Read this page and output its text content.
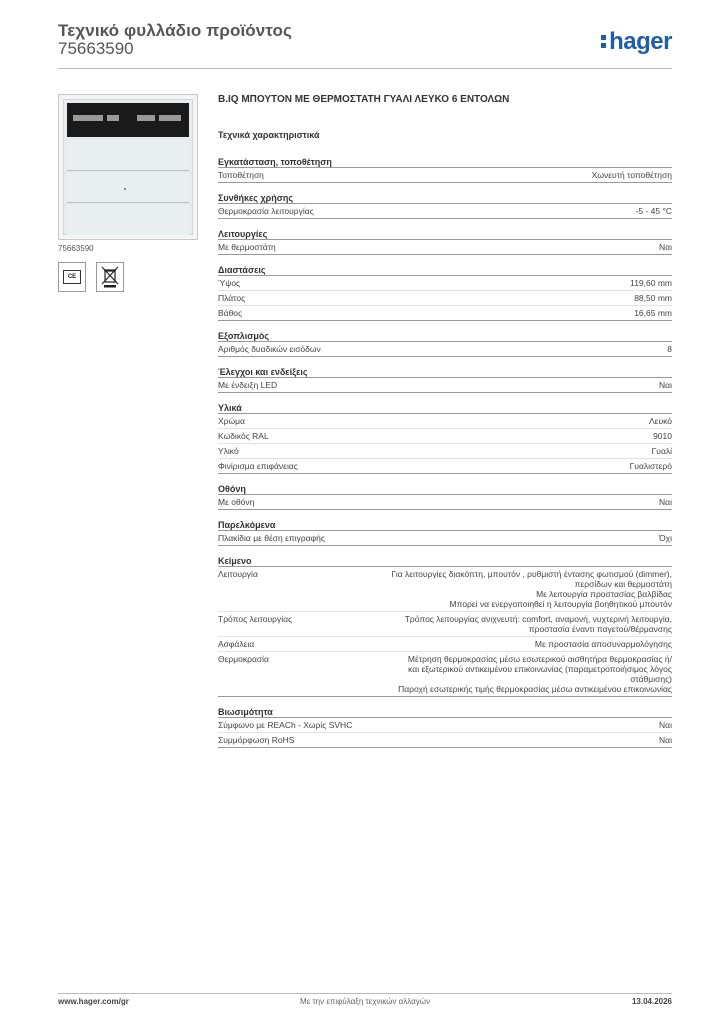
Τεχνικό φυλλάδιο προϊόντος
75663590	hager
75663590
CE
B.IQ ΜΠΟΥΤΟΝ ΜΕ ΘΕΡΜΟΣΤΑΤΗ ΓΥΑΛΙ ΛΕΥΚΟ 6 ΕΝΤΟΛΩΝ
Τεχνικά χαρακτηριστικά
Εγκατάσταση, τοποθέτηση
Τοποθέτηση	Χωνευτή τοποθέτηση
Συνθήκες χρήσης
Θερμοκρασία λειτουργίας	-5 - 45 °C
Λειτουργίες
Με θερμοστάτη	Ναι
Διαστάσεις
Ύψος	119,60 mm
Πλάτος	88,50 mm
Βάθος	16,65 mm
Εξοπλισμός
Αριθμός δυαδικών εισόδων	8
Έλεγχοι και ενδείξεις
Με ένδειξη LED	Ναι
Υλικά
Χρώμα	Λευκό
Κωδικός RAL	9010
Υλικό	Γυαλί
Φινίρισμα επιφάνειας	Γυαλιστερό
Οθόνη
Με οθόνη	Ναι
Παρελκόμενα
Πλακίδια με θέση επιγραφής	Όχι
Κείμενο
Λειτουργία	Για λειτουργίες διακόπτη, μπουτόν , ρυθμιστή έντασης φωτισμού (dimmer),
περσίδων και θερμοστάτη
Με λειτουργία προστασίας βαλβίδας
Μπορεί να ενεργοποιηθεί η λειτουργία βοηθητικού μπουτόν
Τρόπος λειτουργίας	Τρόπος λειτουργίας ανιχνευτή: comfort, αναμονή, νυχτερινή λειτουργία,
προστασία έναντι παγετού/θέρμανσης
Ασφάλεια	Με προστασία αποσυναρμολόγησης
Θερμοκρασία	Μέτρηση θερμοκρασίας μέσω εσωτερικού αισθητήρα θερμοκρασίας ή/
και εξωτερικού αντικειμένου επικοινωνίας (παραμετροποιήσιμος λόγος
στάθμισης)
Παροχή εσωτερικής τιμής θερμοκρασίας μέσω αντικειμένου επικοινωνίας
Βιωσιμότητα
Σύμφωνο με REACh - Χωρίς SVHC	Ναι
Συμμόρφωση RoHS	Ναι
www.hager.com/gr	Με την επιφύλαξη τεχνικών αλλαγών	13.04.2026
